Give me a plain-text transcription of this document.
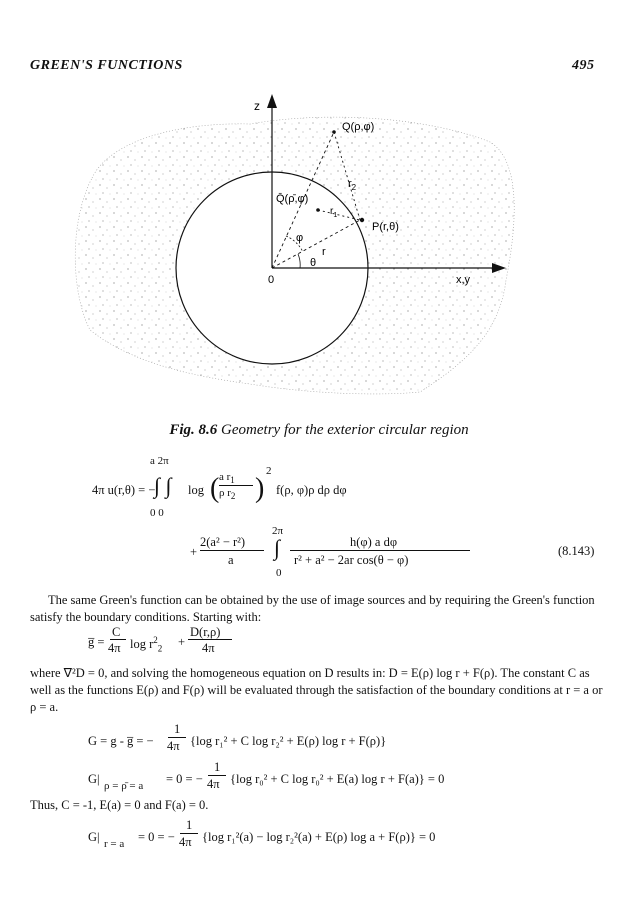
GREEN'S FUNCTIONS	495
z
Q(ρ,φ)
Q̄(ρ̄,φ)
$r_2$
$r_1$
P(r,θ)
φ
r
θ
0	x,y
Fig. 8.6 Geometry for the exterior circular region
a 2π
4π u(r,θ) = −
∫ ∫ log ( a $r_1$
ρ $r_2$ )
2
f(ρ, φ)ρ dρ dφ
0 0
+
2(a² − r²)
a
2π
∫
0
h(φ) a dφ
r² + a² − 2ar cos(θ − φ)
(8.143)
The same Green's function can be obtained by the use of image sources and by requiring the Green's function satisfy the boundary conditions. Starting with:
g̅ =
C
4π $\log r^2_2$ +
D(r,ρ)
4π
where ∇²D = 0, and solving the homogeneous equation on D results in: D = E(ρ) log r + F(ρ). The constant C as well as the functions E(ρ) and F(ρ) will be evaluated through the satisfaction of the boundary conditions at r = a or ρ = a.
G = g - g̅ = −
1
4π {log r₁² + C log r₂² + E(ρ) log r + F(ρ)}
G| ρ = ρ̄ = a = 0 = −
1
4π {log r₀² + C log r₀² + E(a) log r + F(a)} = 0
Thus, C = -1, E(a) = 0 and F(a) = 0.
G| r = a = 0 = −
1
4π {log r₁²(a) − log r₂²(a) + E(ρ) log a + F(ρ)} = 0
